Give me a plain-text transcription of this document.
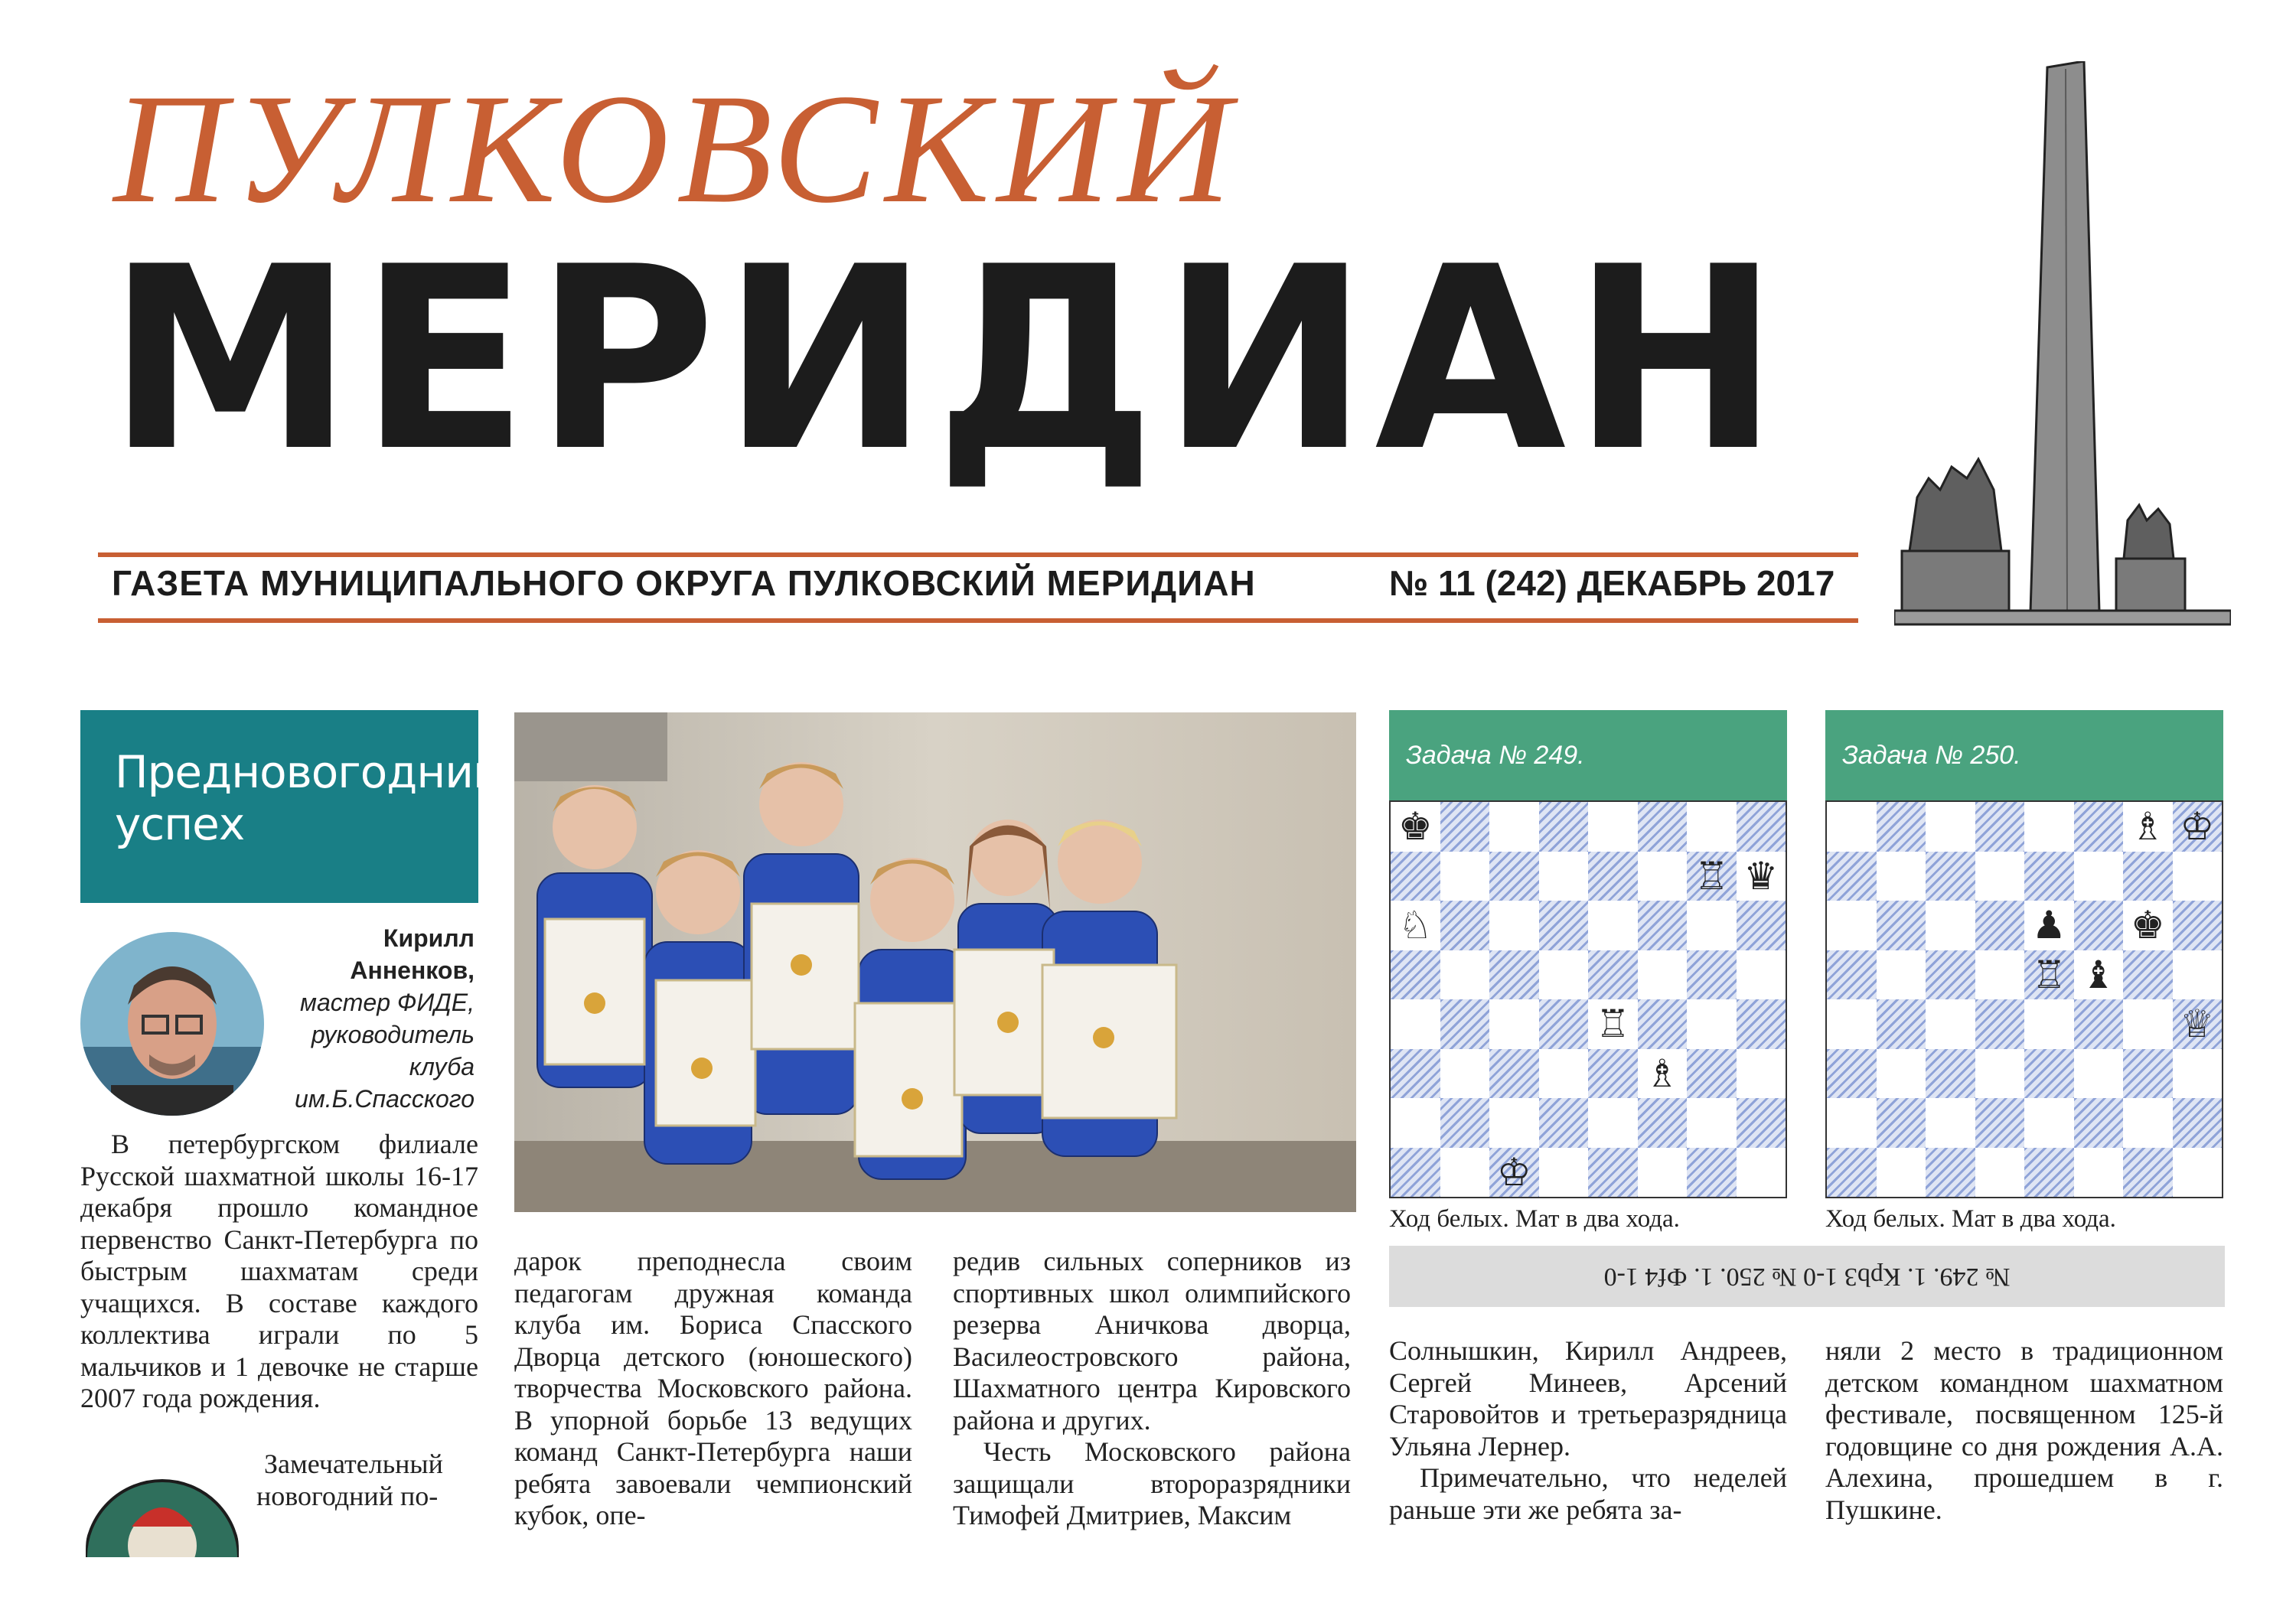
ПУЛКОВСКИЙ
МЕРИДИАН
ГАЗЕТА МУНИЦИПАЛЬНОГО ОКРУГА ПУЛКОВСКИЙ МЕРИДИАН	№ 11 (242) ДЕКАБРЬ 2017
Предновогодний успех
Кирилл Анненков,
мастер ФИДЕ, руководитель клуба им.Б.Спасского

В петербургском филиале Русской шахматной школы 16-17 декабря прошло командное первенство Санкт-Петербурга по быстрым шахматам среди учащихся. В составе каждого коллектива играли по 5 мальчиков и 1 девочке не старше 2007 года рождения.

Замечательный новогодний по-

дарок преподнесла своим педагогам дружная команда клуба им. Бориса Спасского Дворца детского (юношеского) творчества Московского района. В упорной борьбе 13 ведущих команд Санкт-Петербурга наши ребята завоевали чемпионский кубок, опе-

редив сильных соперников из спортивных школ олимпийского резерва Аничкова дворца, Василеостровского района, Шахматного центра Кировского района и других.

Честь Московского района защищали второразрядники Тимофей Дмитриев, Максим

Солнышкин, Кирилл Андреев, Сергей Минеев, Арсений Старовойтов и третьеразрядница Ульяна Лернер.

Примечательно, что неделей раньше эти же ребята за-

няли 2 место в традиционном детском командном шахматном фестивале, посвященном 125-й годовщине со дня рождения А.А. Алехина, прошедшем в г. Пушкине.

Задача № 249.
♚
♖ ♛
♘
♖
♗
♔
Ход белых. Мат в два хода.
Задача № 250.
♗ ♔
♟ ♚
♖ ♝
♕
Ход белых. Мат в два хода.
№ 249. 1. Крb3 1-0 № 250. 1. Фf4 1-0
